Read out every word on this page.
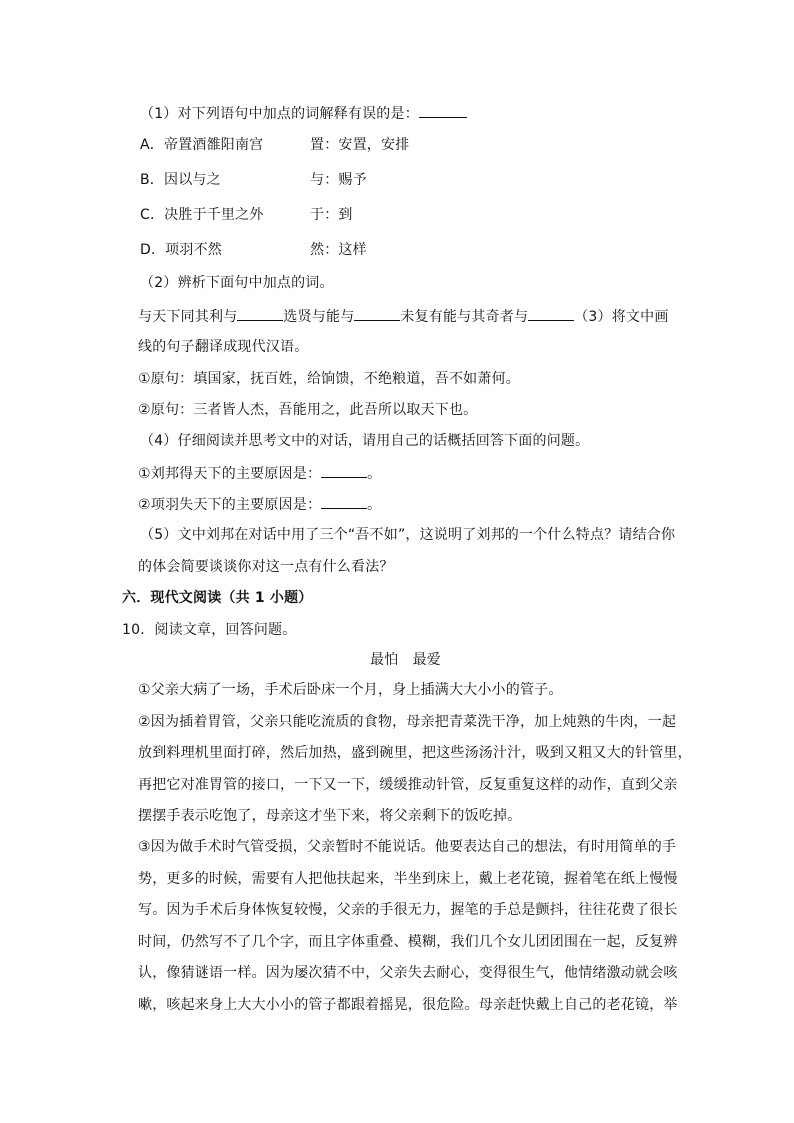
（1）对下列语句中加点的词解释有误的是：
A．帝置酒雒阳南宫	置：安置，安排
B．因以与之	与：赐予
C．决胜于千里之外	于：到
D．项羽不然	然：这样
（2）辨析下面句中加点的词。
与天下同其利与	选贤与能与	未复有能与其奇者与	（3）将文中画
线的句子翻译成现代汉语。
①原句：填国家，抚百姓，给饷馈，不绝粮道，吾不如萧何。
②原句：三者皆人杰，吾能用之，此吾所以取天下也。
（4）仔细阅读并思考文中的对话，请用自己的话概括回答下面的问题。
①刘邦得天下的主要原因是：	。
②项羽失天下的主要原因是：	。
（5）文中刘邦在对话中用了三个“吾不如”，这说明了刘邦的一个什么特点？请结合你
的体会简要谈谈你对这一点有什么看法？
六．现代文阅读（共 1 小题）
10．阅读文章，回答问题。
最怕　最爱
①父亲大病了一场，手术后卧床一个月，身上插满大大小小的管子。
②因为插着胃管，父亲只能吃流质的食物，母亲把青菜洗干净，加上炖熟的牛肉，一起
放到料理机里面打碎，然后加热，盛到碗里，把这些汤汤汁汁，吸到又粗又大的针管里，
再把它对准胃管的接口，一下又一下，缓缓推动针管，反复重复这样的动作，直到父亲
摆摆手表示吃饱了，母亲这才坐下来，将父亲剩下的饭吃掉。
③因为做手术时气管受损，父亲暂时不能说话。他要表达自己的想法，有时用简单的手
势，更多的时候，需要有人把他扶起来，半坐到床上，戴上老花镜，握着笔在纸上慢慢
写。因为手术后身体恢复较慢，父亲的手很无力，握笔的手总是颤抖，往往花费了很长
时间，仍然写不了几个字，而且字体重叠、模糊，我们几个女儿团团围在一起，反复辨
认，像猜谜语一样。因为屡次猜不中，父亲失去耐心，变得很生气，他情绪激动就会咳
嗽，咳起来身上大大小小的管子都跟着摇晃，很危险。母亲赶快戴上自己的老花镜，举
